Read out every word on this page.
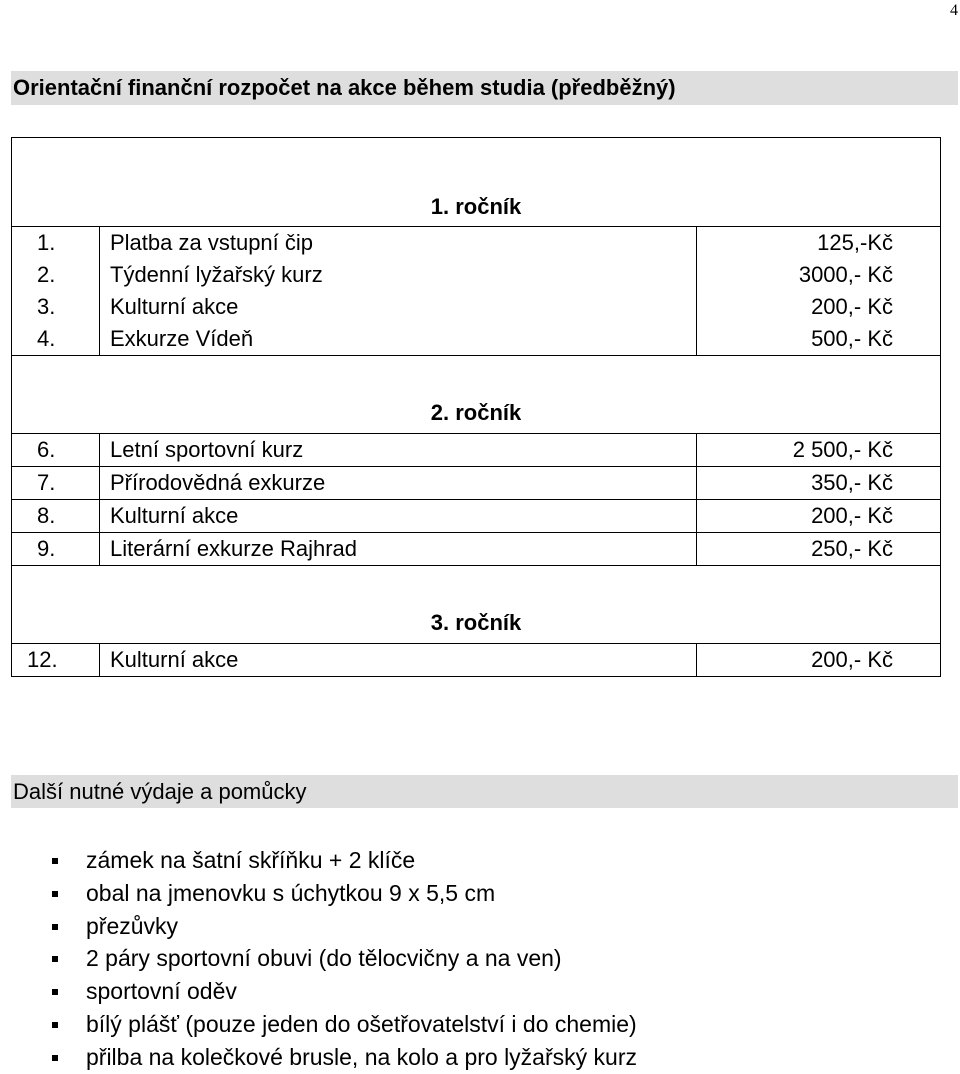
4
Orientační finanční rozpočet na akce během studia (předběžný)
1. ročník		
1.	Platba za vstupní čip	125,-Kč
2.	Týdenní lyžařský kurz	3000,- Kč
3.	Kulturní akce	200,- Kč
4.	Exkurze Vídeň	500,- Kč
2. ročník		
6.	Letní sportovní kurz	2 500,- Kč
7.	Přírodovědná exkurze	350,- Kč
8.	Kulturní akce	200,- Kč
9.	Literární exkurze Rajhrad	250,- Kč
3. ročník		
12.	Kulturní akce	200,- Kč
Další nutné výdaje a pomůcky
zámek na šatní skříňku + 2 klíče
obal na jmenovku s úchytkou 9 x 5,5 cm
přezůvky
2 páry sportovní obuvi (do tělocvičny a na ven)
sportovní oděv
bílý plášť (pouze jeden do ošetřovatelství i do chemie)
přilba na kolečkové brusle, na kolo a pro lyžařský kurz
